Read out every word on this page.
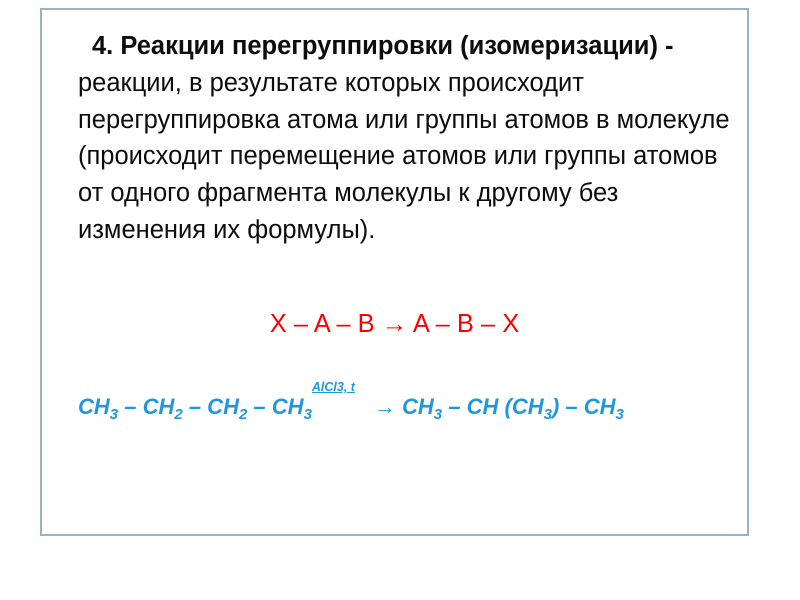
4. Реакции перегруппировки (изомеризации) - реакции, в результате которых происходит перегруппировка атома или группы атомов в молекуле (происходит перемещение атомов или группы атомов от одного фрагмента молекулы к другому без изменения их формулы).

X – A – B → A – B – X

$CH_3 - CH_2 - CH_2 - CH_3$
AlCl3, t
→ $CH_3$ – CH $(CH_3) - CH_3$
